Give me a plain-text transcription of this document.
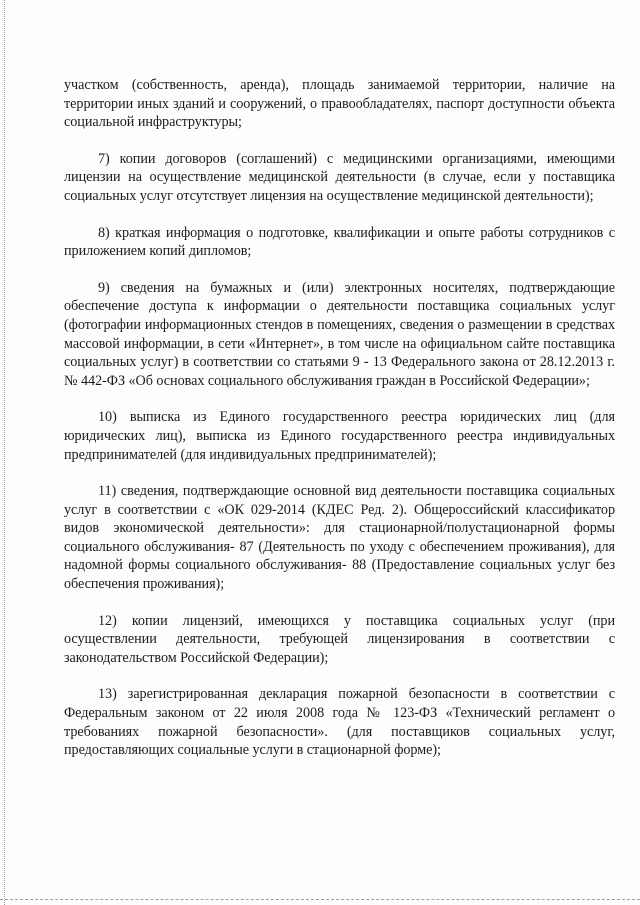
участком (собственность, аренда), площадь занимаемой территории, наличие на территории иных зданий и сооружений, о правообладателях, паспорт доступности объекта социальной инфраструктуры;

7) копии договоров (соглашений) с медицинскими организациями, имеющими лицензии на осуществление медицинской деятельности (в случае, если у поставщика социальных услуг отсутствует лицензия на осуществление медицинской деятельности);

8) краткая информация о подготовке, квалификации и опыте работы сотрудников с приложением копий дипломов;

9) сведения на бумажных и (или) электронных носителях, подтверждающие обеспечение доступа к информации о деятельности поставщика социальных услуг (фотографии информационных стендов в помещениях, сведения о размещении в средствах массовой информации, в сети «Интернет», в том числе на официальном сайте поставщика социальных услуг) в соответствии со статьями 9 - 13 Федерального закона от 28.12.2013 г. № 442-ФЗ «Об основах социального обслуживания граждан в Российской Федерации»;

10) выписка из Единого государственного реестра юридических лиц (для юридических лиц), выписка из Единого государственного реестра индивидуальных предпринимателей (для индивидуальных предпринимателей);

11) сведения, подтверждающие основной вид деятельности поставщика социальных услуг в соответствии с «ОК 029-2014 (КДЕС Ред. 2). Общероссийский классификатор видов экономической деятельности»: для стационарной/полустационарной формы социального обслуживания- 87 (Деятельность по уходу с обеспечением проживания), для надомной формы социального обслуживания- 88 (Предоставление социальных услуг без обеспечения проживания);

12) копии лицензий, имеющихся у поставщика социальных услуг (при осуществлении деятельности, требующей лицензирования в соответствии с законодательством Российской Федерации);

13) зарегистрированная декларация пожарной безопасности в соответствии с Федеральным законом от 22 июля 2008 года № 123-ФЗ «Технический регламент о требованиях пожарной безопасности». (для поставщиков социальных услуг, предоставляющих социальные услуги в стационарной форме);
